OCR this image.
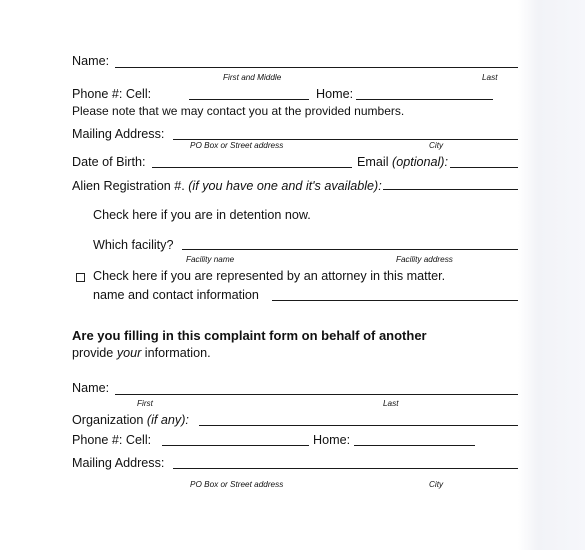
Name:
First and Middle	Last
Phone #: Cell:	Home:
Please note that we may contact you at the provided numbers.
Mailing Address:
PO Box or Street address	City
Date of Birth:	Email (optional):
Alien Registration #. (if you have one and it's available):
Check here if you are in detention now.
Which facility?
Facility name	Facility address
Check here if you are represented by an attorney in this matter.
name and contact information
Are you filling in this complaint form on behalf of another
provide your information.
Name:
First	Last
Organization (if any):
Phone #: Cell:	Home:
Mailing Address:
PO Box or Street address	City
